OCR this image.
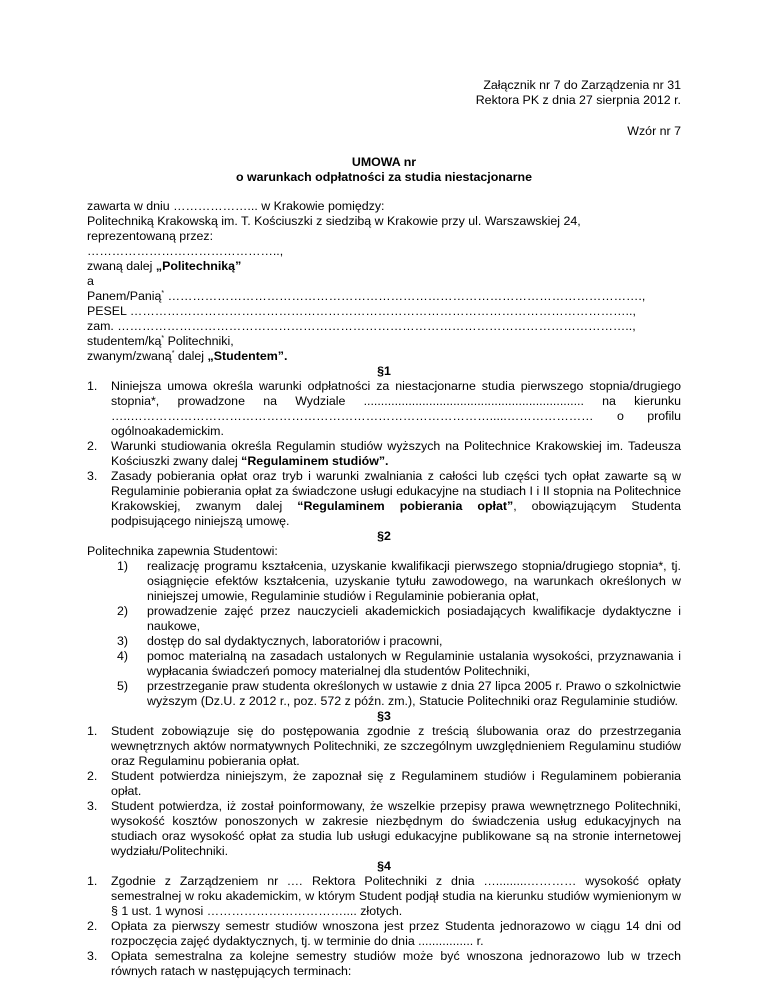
Załącznik nr 7 do Zarządzenia nr 31
Rektora PK z dnia 27 sierpnia 2012 r.
Wzór nr 7
UMOWA nr
o warunkach odpłatności za studia niestacjonarne
zawarta w dniu ………………... w Krakowie pomiędzy:
Politechniką Krakowską im. T. Kościuszki z siedzibą w Krakowie przy ul. Warszawskiej 24,
reprezentowaną przez:
………………………………………..,
zwaną dalej „Politechniką”
a
Panem/Panią* …………………………………………………………………………………………………….,
PESEL …………………………………………………………………………………………………………..,
zam. ……………………………………………………………………………………………………………..,
studentem/ką* Politechniki,
zwanym/zwaną* dalej „Studentem”.
§1
1. Niniejsza umowa określa warunki odpłatności za niestacjonarne studia pierwszego stopnia/drugiego stopnia*, prowadzone na Wydziale ................................................................ na kierunku …..…………………………………………………………………………….....………………… o profilu ogólnoakademickim.
2. Warunki studiowania określa Regulamin studiów wyższych na Politechnice Krakowskiej im. Tadeusza Kościuszki zwany dalej “Regulaminem studiów”.
3. Zasady pobierania opłat oraz tryb i warunki zwalniania z całości lub części tych opłat zawarte są w Regulaminie pobierania opłat za świadczone usługi edukacyjne na studiach I i II stopnia na Politechnice Krakowskiej, zwanym dalej “Regulaminem pobierania opłat”, obowiązującym Studenta podpisującego niniejszą umowę.
§2
Politechnika zapewnia Studentowi:
1) realizację programu kształcenia, uzyskanie kwalifikacji pierwszego stopnia/drugiego stopnia*, tj. osiągnięcie efektów kształcenia, uzyskanie tytułu zawodowego, na warunkach określonych w niniejszej umowie, Regulaminie studiów i Regulaminie pobierania opłat,
2) prowadzenie zajęć przez nauczycieli akademickich posiadających kwalifikacje dydaktyczne i naukowe,
3) dostęp do sal dydaktycznych, laboratoriów i pracowni,
4) pomoc materialną na zasadach ustalonych w Regulaminie ustalania wysokości, przyznawania i wypłacania świadczeń pomocy materialnej dla studentów Politechniki,
5) przestrzeganie praw studenta określonych w ustawie z dnia 27 lipca 2005 r. Prawo o szkolnictwie wyższym (Dz.U. z 2012 r., poz. 572 z późn. zm.), Statucie Politechniki oraz Regulaminie studiów.
§3
1. Student zobowiązuje się do postępowania zgodnie z treścią ślubowania oraz do przestrzegania wewnętrznych aktów normatywnych Politechniki, ze szczególnym uwzględnieniem Regulaminu studiów oraz Regulaminu pobierania opłat.
2. Student potwierdza niniejszym, że zapoznał się z Regulaminem studiów i Regulaminem pobierania opłat.
3. Student potwierdza, iż został poinformowany, że wszelkie przepisy prawa wewnętrznego Politechniki, wysokość kosztów ponoszonych w zakresie niezbędnym do świadczenia usług edukacyjnych na studiach oraz wysokość opłat za studia lub usługi edukacyjne publikowane są na stronie internetowej wydziału/Politechniki.
§4
1. Zgodnie z Zarządzeniem nr .… Rektora Politechniki z dnia ….........………… wysokość opłaty semestralnej w roku akademickim, w którym Student podjął studia na kierunku studiów wymienionym w § 1 ust. 1 wynosi …………………………….... złotych.
2. Opłata za pierwszy semestr studiów wnoszona jest przez Studenta jednorazowo w ciągu 14 dni od rozpoczęcia zajęć dydaktycznych, tj. w terminie do dnia ................ r.
3. Opłata semestralna za kolejne semestry studiów może być wnoszona jednorazowo lub w trzech równych ratach w następujących terminach:
